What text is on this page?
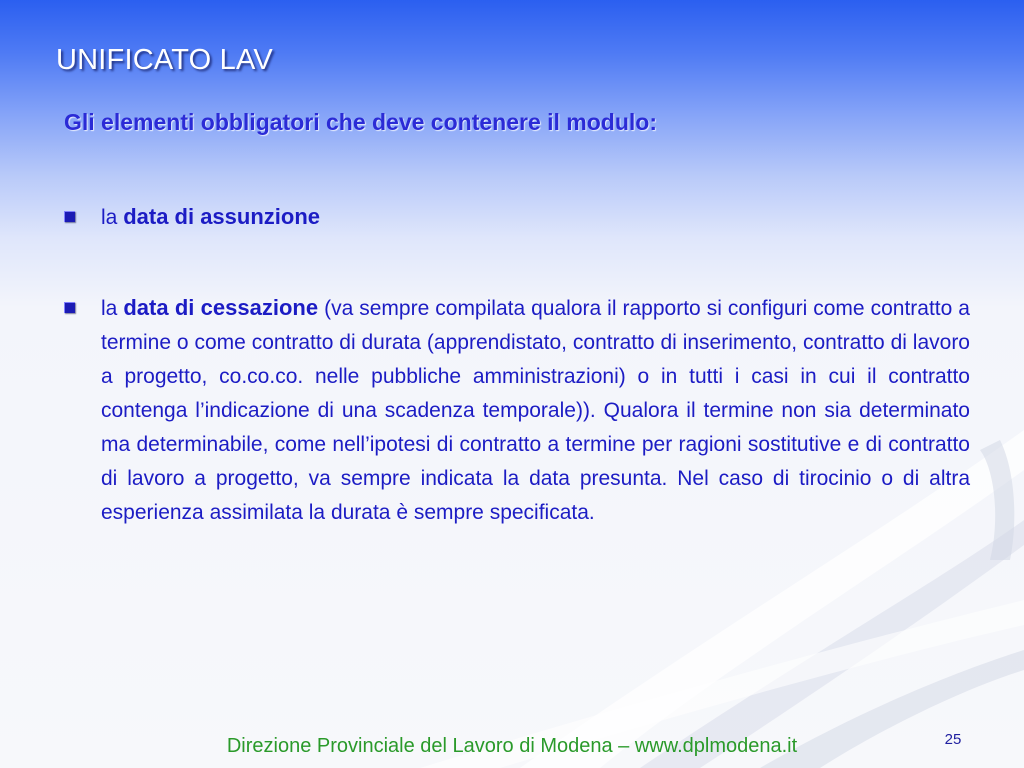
UNIFICATO LAV
Gli elementi obbligatori che deve contenere il modulo:

la data di assunzione

la data di cessazione (va sempre compilata qualora il rapporto si configuri come contratto a termine o come contratto di durata (apprendistato, contratto di inserimento, contratto di lavoro a progetto, co.co.co. nelle pubbliche amministrazioni) o in tutti i casi in cui il contratto contenga l’indicazione di una scadenza temporale)). Qualora il termine non sia determinato ma determinabile, come nell’ipotesi di contratto a termine per ragioni sostitutive e di contratto di lavoro a progetto, va sempre indicata la data presunta. Nel caso di tirocinio o di altra esperienza assimilata la durata è sempre specificata.

Direzione Provinciale del Lavoro di Modena – www.dplmodena.it	25
